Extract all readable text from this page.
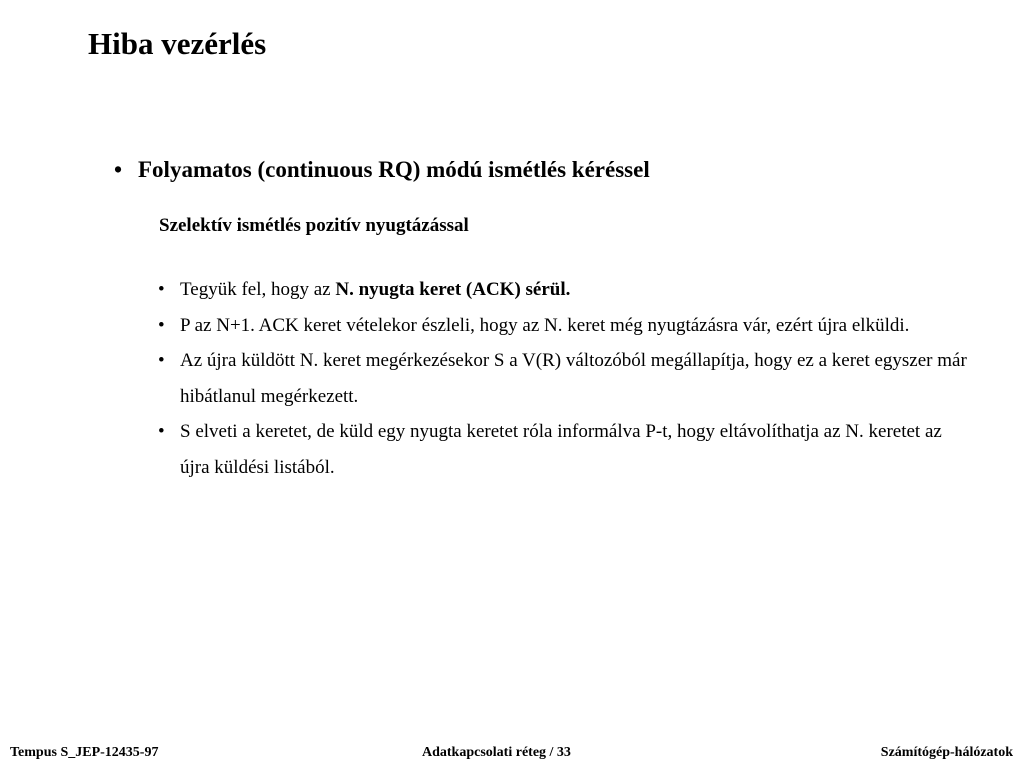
Hiba vezérlés
• Folyamatos (continuous RQ) módú ismétlés kéréssel
Szelektív ismétlés pozitív nyugtázással
• Tegyük fel, hogy az N. nyugta keret (ACK) sérül.
• P az N+1. ACK keret vételekor észleli, hogy az N. keret még nyugtázásra vár, ezért újra elküldi.
• Az újra küldött N. keret megérkezésekor S a V(R) változóból megállapítja, hogy ez a keret egyszer már hibátlanul megérkezett.
• S elveti a keretet, de küld egy nyugta keretet róla informálva P-t, hogy eltávolíthatja az N. keretet az újra küldési listából.
Tempus S_JEP-12435-97	Adatkapcsolati réteg / 33	Számítógép-hálózatok
